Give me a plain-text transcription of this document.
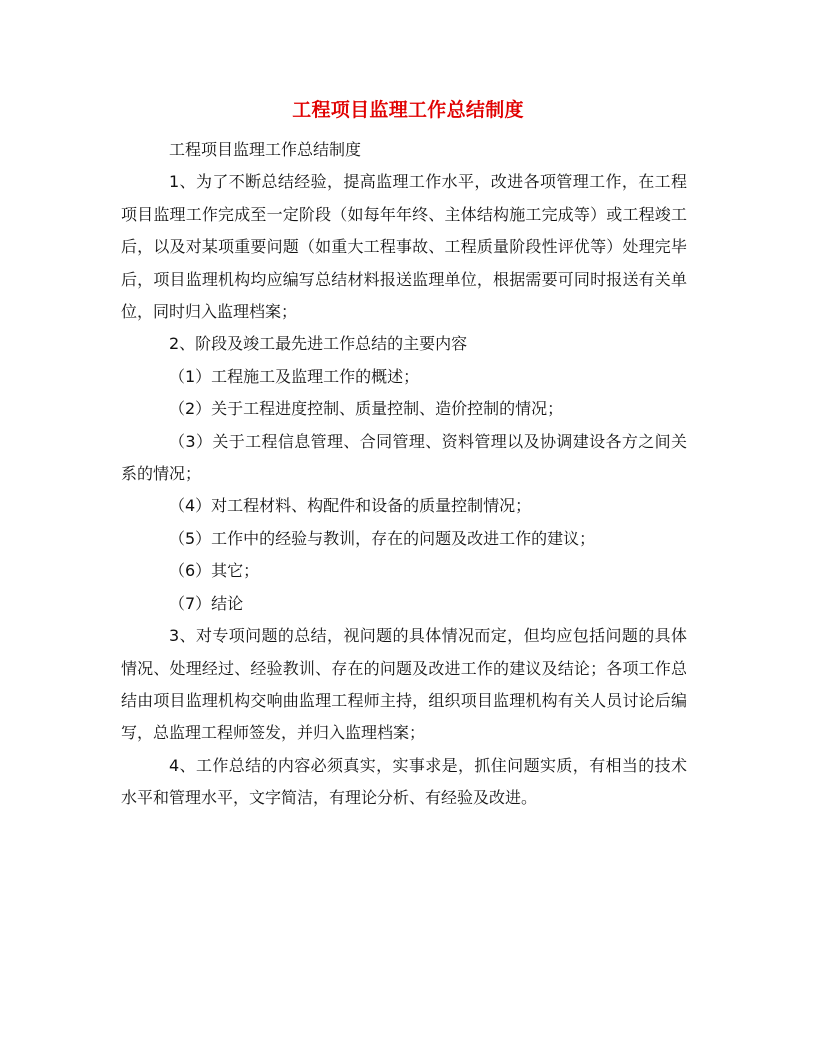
工程项目监理工作总结制度

工程项目监理工作总结制度

1、为了不断总结经验，提高监理工作水平，改进各项管理工作，在工程项目监理工作完成至一定阶段（如每年年终、主体结构施工完成等）或工程竣工后，以及对某项重要问题（如重大工程事故、工程质量阶段性评优等）处理完毕后，项目监理机构均应编写总结材料报送监理单位，根据需要可同时报送有关单位，同时归入监理档案；

2、阶段及竣工最先进工作总结的主要内容

（1）工程施工及监理工作的概述；

（2）关于工程进度控制、质量控制、造价控制的情况；

（3）关于工程信息管理、合同管理、资料管理以及协调建设各方之间关系的情况；

（4）对工程材料、构配件和设备的质量控制情况；

（5）工作中的经验与教训，存在的问题及改进工作的建议；

（6）其它；

（7）结论

3、对专项问题的总结，视问题的具体情况而定，但均应包括问题的具体情况、处理经过、经验教训、存在的问题及改进工作的建议及结论；各项工作总结由项目监理机构交响曲监理工程师主持，组织项目监理机构有关人员讨论后编写，总监理工程师签发，并归入监理档案；

4、工作总结的内容必须真实，实事求是，抓住问题实质，有相当的技术水平和管理水平，文字简洁，有理论分析、有经验及改进。
